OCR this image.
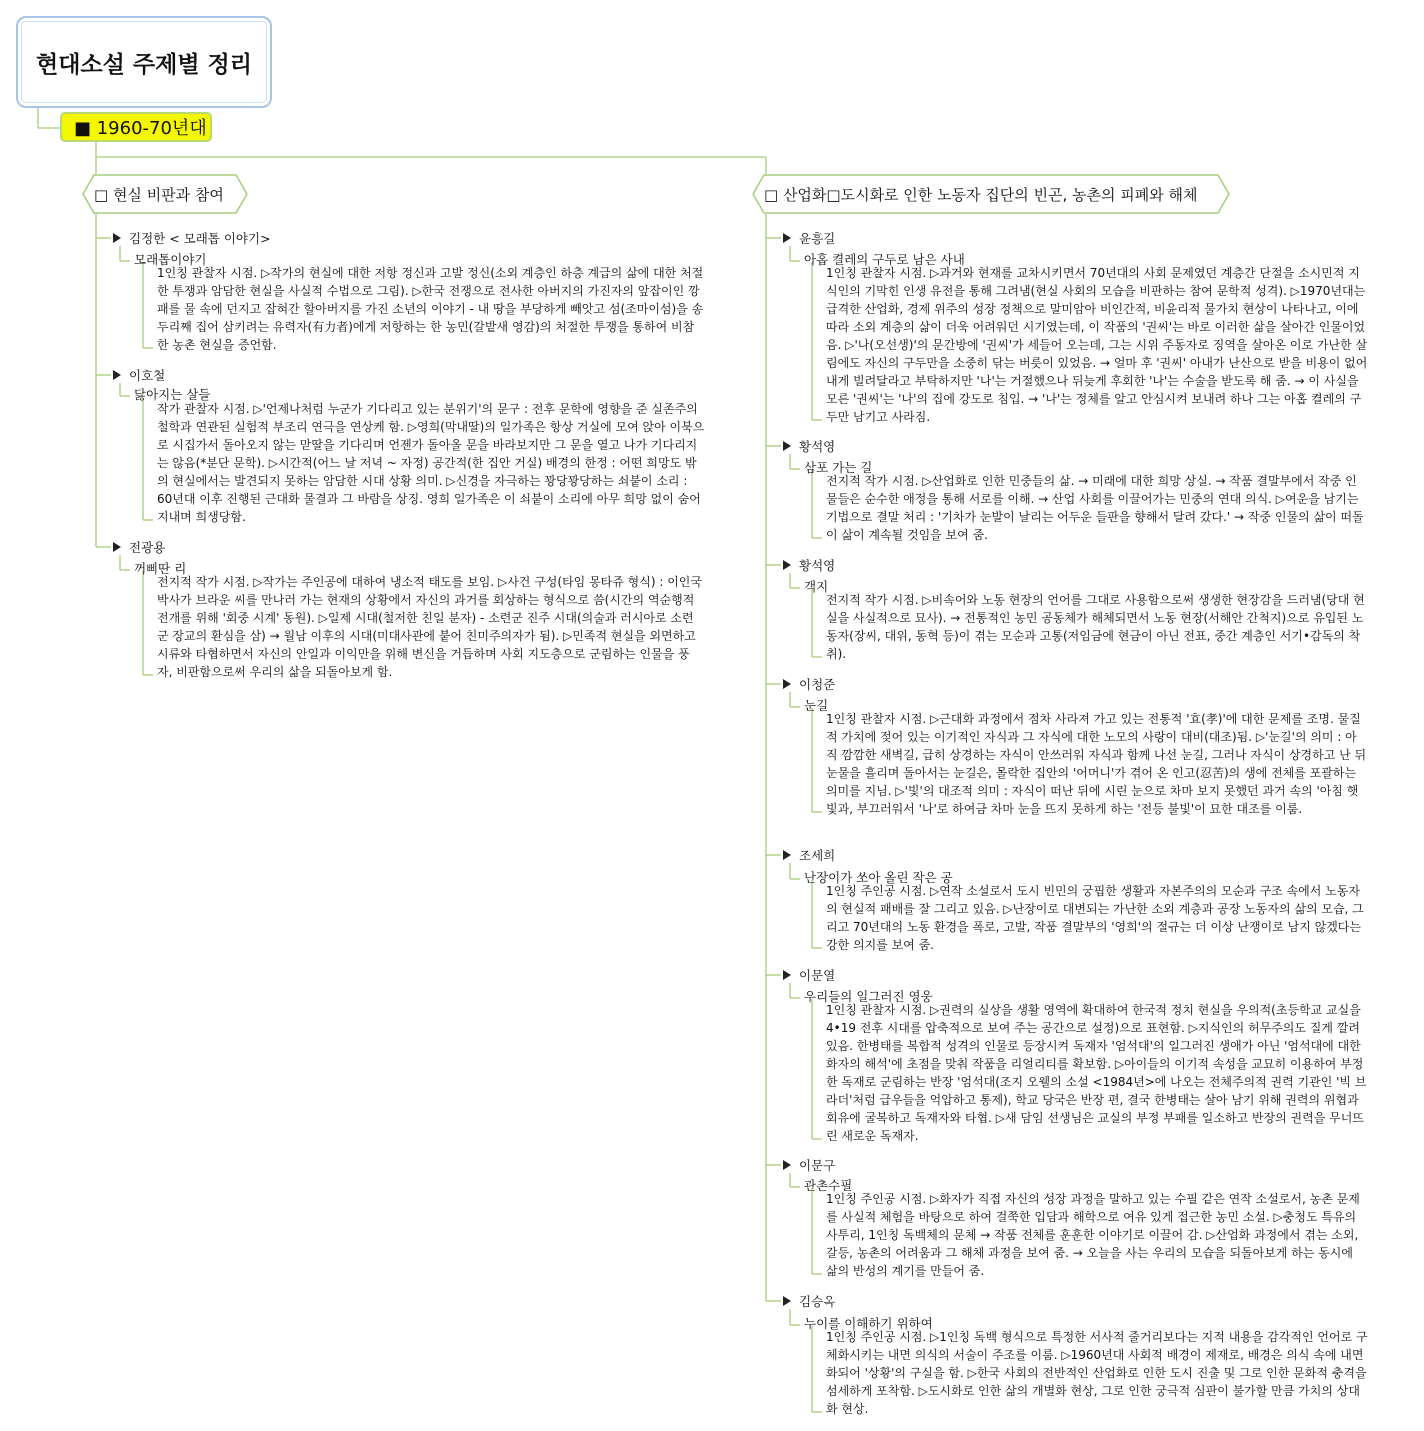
현대소설 주제별 정리
■ 1960-70년대
□ 현실 비판과 참여	□ 산업화□도시화로 인한 노동자 집단의 빈곤, 농촌의 피폐와 해체
김정한 < 모래톱 이야기>
모래톱이야기
1인칭 관찰자 시점. ▷작가의 현실에 대한 저항 정신과 고발 정신(소외 계층인 하층 계급의 삶에 대한 처절한 투쟁과 암담한 현실을 사실적 수법으로 그림). ▷한국 전쟁으로 전사한 아버지의 가진자의 앞잡이인 깡패를 물 속에 던지고 잡혀간 할아버지를 가진 소년의 이야기 - 내 땅을 부당하게 빼앗고 섬(조마이섬)을 송두리째 집어 삼키려는 유력자(有力者)에게 저항하는 한 농민(갈밭새 영감)의 처절한 투쟁을 통하여 비참한 농촌 현실을 증언함.
이호철
닳아지는 살들
작가 관찰자 시점. ▷'언제나처럼 누군가 기다리고 있는 분위기'의 문구 : 전후 문학에 영향을 준 실존주의 철학과 연관된 실험적 부조리 연극을 연상케 함. ▷영희(막내딸)의 일가족은 항상 거실에 모여 앉아 이북으로 시집가서 돌아오지 않는 맏딸을 기다리며 언젠가 돌아올 문을 바라보지만 그 문을 열고 나가 기다리지는 않음(*분단 문학). ▷시간적(어느 날 저녁 ~ 자정) 공간적(한 집안 거실) 배경의 한정 : 어떤 희망도 밖의 현실에서는 발견되지 못하는 암담한 시대 상황 의미. ▷신경을 자극하는 꽝당꽝당하는 쇠붙이 소리 : 60년대 이후 진행된 근대화 물결과 그 바람을 상징. 영희 일가족은 이 쇠붙이 소리에 아무 희망 없이 숨어 지내며 희생당함.
전광용
꺼삐딴 리
전지적 작가 시점. ▷작가는 주인공에 대하여 냉소적 태도를 보임. ▷사건 구성(타임 몽타쥬 형식) : 이인국 박사가 브라운 씨를 만나러 가는 현재의 상황에서 자신의 과거를 회상하는 형식으로 씀(시간의 역순행적 전개를 위해 '회중 시계' 동원). ▷일제 시대(철저한 친일 분자) - 소련군 진주 시대(의술과 러시아로 소련군 장교의 환심을 삼) → 월남 이후의 시대(미대사관에 붙어 친미주의자가 됨). ▷민족적 현실을 외면하고 시류와 타협하면서 자신의 안일과 이익만을 위해 변신을 거듭하며 사회 지도층으로 군림하는 인물을 풍자, 비판함으로써 우리의 삶을 되돌아보게 함.
윤흥길
아홉 켤레의 구두로 남은 사내
1인칭 관찰자 시점. ▷과거와 현재를 교차시키면서 70년대의 사회 문제였던 계층간 단절을 소시민적 지식인의 기막힌 인생 유전을 통해 그려냄(현실 사회의 모습을 비판하는 참여 문학적 성격). ▷1970년대는 급격한 산업화, 경제 위주의 성장 정책으로 말미암아 비인간적, 비윤리적 물가치 현상이 나타나고, 이에 따라 소외 계층의 삶이 더욱 어려워던 시기였는데, 이 작품의 '권씨'는 바로 이러한 삶을 살아간 인물이었음. ▷'나(오선생)'의 문간방에 '권씨'가 세들어 오는데, 그는 시위 주동자로 징역을 살아온 이로 가난한 살림에도 자신의 구두만을 소중히 닦는 버릇이 있었음. → 얼마 후 '권씨' 아내가 난산으로 받을 비용이 없어 내게 빌려달라고 부탁하지만 '나'는 거절했으나 뒤늦게 후회한 '나'는 수술을 받도록 해 줌. → 이 사실을 모른 '권씨'는 '나'의 집에 강도로 침입. → '나'는 정체를 알고 안심시켜 보내려 하나 그는 아홉 켤레의 구두만 남기고 사라짐.
황석영
삼포 가는 길
전지적 작가 시점. ▷산업화로 인한 민중들의 삶. → 미래에 대한 희망 상실. → 작품 결말부에서 작중 인물들은 순수한 애정을 통해 서로를 이해. → 산업 사회를 이끌어가는 민중의 연대 의식. ▷여운을 남기는 기법으로 결말 처리 : '기차가 눈발이 날리는 어두운 들판을 향해서 달려 갔다.' → 작중 인물의 삶이 떠돌이 삶이 계속될 것임을 보여 줌.
황석영
객지
전지적 작가 시점. ▷비속어와 노동 현장의 언어를 그대로 사용함으로써 생생한 현장감을 드러냄(당대 현실을 사실적으로 묘사). → 전통적인 농민 공동체가 해체되면서 노동 현장(서해안 간척지)으로 유입된 노동자(장씨, 대위, 동혁 등)이 겪는 모순과 고통(저임금에 현금이 아닌 전표, 중간 계층인 서기•감독의 착취).
이청준
눈길
1인칭 관찰자 시점. ▷근대화 과정에서 점차 사라져 가고 있는 전통적 '효(孝)'에 대한 문제를 조명. 물질적 가치에 젖어 있는 이기적인 자식과 그 자식에 대한 노모의 사랑이 대비(대조)됨. ▷'눈길'의 의미 : 아직 깜깜한 새벽길, 급히 상경하는 자식이 안쓰러워 자식과 함께 나선 눈길, 그러나 자식이 상경하고 난 뒤 눈물을 흘리며 돌아서는 눈길은, 몰락한 집안의 '어머니'가 겪어 온 인고(忍苦)의 생에 전체를 포괄하는 의미를 지님. ▷'빛'의 대조적 의미 : 자식이 떠난 뒤에 시린 눈으로 차마 보지 못했던 과거 속의 '아침 햇빛과, 부끄러워서 '나'로 하여금 차마 눈을 뜨지 못하게 하는 '전등 불빛'이 묘한 대조를 이룸.
조세희
난장이가 쏘아 올린 작은 공
1인칭 주인공 시점. ▷연작 소설로서 도시 빈민의 궁핍한 생활과 자본주의의 모순과 구조 속에서 노동자의 현실적 패배를 잘 그리고 있음. ▷난장이로 대변되는 가난한 소외 계층과 공장 노동자의 삶의 모습, 그리고 70년대의 노동 환경을 폭로, 고발, 작품 결말부의 '영희'의 절규는 더 이상 난쟁이로 남지 않겠다는 강한 의지를 보여 줌.
이문열
우리들의 일그러진 영웅
1인칭 관찰자 시점. ▷권력의 실상을 생활 영역에 확대하여 한국적 정치 현실을 우의적(초등학교 교실을 4•19 전후 시대를 압축적으로 보여 주는 공간으로 설정)으로 표현함. ▷지식인의 허무주의도 질게 깔려 있음. 한병태를 복합적 성격의 인물로 등장시켜 독재자 '엄석대'의 일그러진 생애가 아닌 '엄석대에 대한 화자의 해석'에 초점을 맞춰 작품을 리얼리티를 확보함. ▷아이들의 이기적 속성을 교묘히 이용하여 부정한 독재로 군림하는 반장 '엄석대(조지 오웰의 소설 <1984년>에 나오는 전체주의적 권력 기관인 '빅 브라더'처럼 급우들을 억압하고 통제), 학교 당국은 반장 편, 결국 한병태는 살아 남기 위해 권력의 위협과 회유에 굴복하고 독재자와 타협. ▷새 담임 선생님은 교실의 부정 부패를 일소하고 반장의 권력을 무너뜨린 새로운 독재자.
이문구
관촌수필
1인칭 주인공 시점. ▷화자가 직접 자신의 성장 과정을 말하고 있는 수필 같은 연작 소설로서, 농촌 문제를 사실적 체험을 바탕으로 하여 걸쭉한 입담과 해학으로 여유 있게 접근한 농민 소설. ▷충청도 특유의 사투리, 1인칭 독백체의 문체 → 작품 전체를 훈훈한 이야기로 이끌어 감. ▷산업화 과정에서 겪는 소외, 갈등, 농촌의 어려움과 그 해체 과정을 보여 줌. → 오늘을 사는 우리의 모습을 되돌아보게 하는 동시에 삶의 반성의 계기를 만들어 줌.
김승옥
누이를 이해하기 위하여
1인칭 주인공 시점. ▷1인칭 독백 형식으로 특정한 서사적 줄거리보다는 지적 내용을 감각적인 언어로 구체화시키는 내면 의식의 서술이 주조를 이룸. ▷1960년대 사회적 배경이 제재로, 배경은 의식 속에 내면화되어 '상황'의 구실을 함. ▷한국 사회의 전반적인 산업화로 인한 도시 진출 및 그로 인한 문화적 충격을 섬세하게 포착함. ▷도시화로 인한 삶의 개별화 현상, 그로 인한 궁극적 심판이 불가할 만큼 가치의 상대화 현상.
